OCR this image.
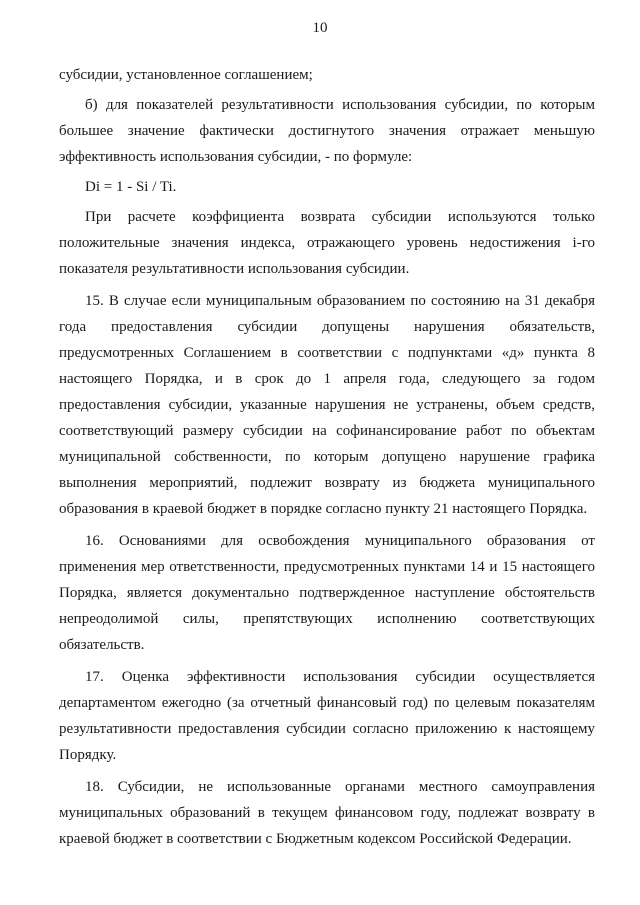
10

субсидии, установленное соглашением;

б) для показателей результативности использования субсидии, по которым большее значение фактически достигнутого значения отражает меньшую эффективность использования субсидии, - по формуле:

Di = 1 - Si / Ti.

При расчете коэффициента возврата субсидии используются только положительные значения индекса, отражающего уровень недостижения i-го показателя результативности использования субсидии.

15. В случае если муниципальным образованием по состоянию на 31 декабря года предоставления субсидии допущены нарушения обязательств, предусмотренных Соглашением в соответствии с подпунктами «д» пункта 8 настоящего Порядка, и в срок до 1 апреля года, следующего за годом предоставления субсидии, указанные нарушения не устранены, объем средств, соответствующий размеру субсидии на софинансирование работ по объектам муниципальной собственности, по которым допущено нарушение графика выполнения мероприятий, подлежит возврату из бюджета муниципального образования в краевой бюджет в порядке согласно пункту 21 настоящего Порядка.

16. Основаниями для освобождения муниципального образования от применения мер ответственности, предусмотренных пунктами 14 и 15 настоящего Порядка, является документально подтвержденное наступление обстоятельств непреодолимой силы, препятствующих исполнению соответствующих обязательств.

17. Оценка эффективности использования субсидии осуществляется департаментом ежегодно (за отчетный финансовый год) по целевым показателям результативности предоставления субсидии согласно приложению к настоящему Порядку.

18. Субсидии, не использованные органами местного самоуправления муниципальных образований в текущем финансовом году, подлежат возврату в краевой бюджет в соответствии с Бюджетным кодексом Российской Федерации.
